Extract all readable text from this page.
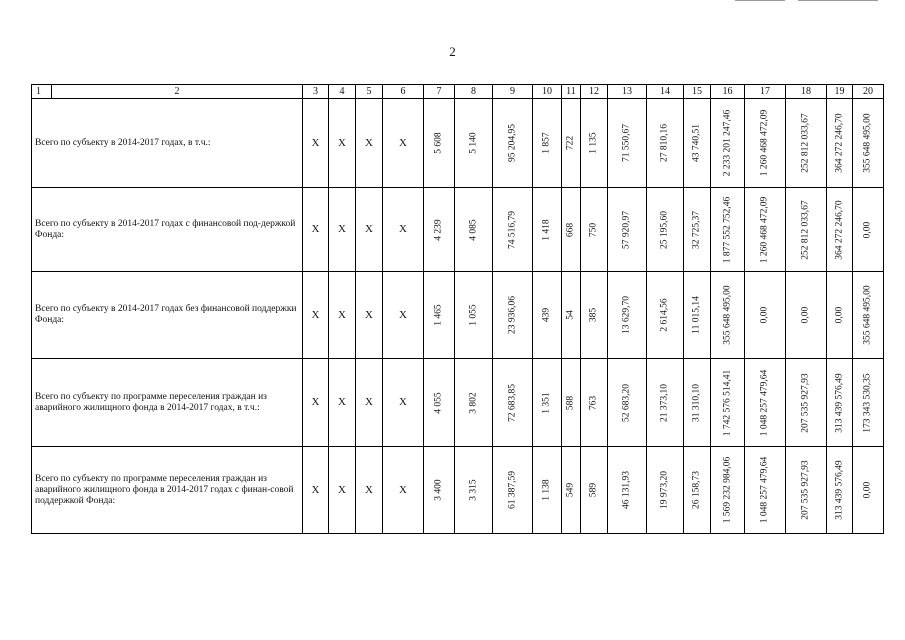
2
1	2	3	4	5	6	7	8	9	10	11	12	13	14	15	16	17	18	19	20
Всего по субъекту в 2014-2017 годах, в т.ч.:		Х	Х	Х	Х	5 608	5 140	95 204,95	1 857	722	1 135	71 550,67	27 810,16	43 740,51	2 233 201 247,46	1 260 468 472,09	252 812 033,67	364 272 246,70	355 648 495,00

Всего по субъекту в 2014-2017 годах с финансовой под-держкой Фонда:		Х	Х	Х	Х	4 239	4 085	74 516,79	1 418	668	750	57 920,97	25 195,60	32 725,37	1 877 552 752,46	1 260 468 472,09	252 812 033,67	364 272 246,70	0,00

Всего по субъекту в 2014-2017 годах без финансовой поддержки Фонда:		Х	Х	Х	Х	1 465	1 055	23 936,06	439	54	385	13 629,70	2 614,56	11 015,14	355 648 495,00	0,00	0,00	0,00	355 648 495,00

Всего по субъекту по программе переселения граждан из аварийного жилищного фонда в 2014-2017 годах, в т.ч.:		Х	Х	Х	Х	4 055	3 802	72 683,85	1 351	588	763	52 683,20	21 373,10	31 310,10	1 742 576 514,41	1 048 257 479,64	207 535 927,93	313 439 576,49	173 343 530,35

Всего по субъекту по программе переселения граждан из аварийного жилищного фонда в 2014-2017 годах с финан-совой поддержкой Фонда:		Х	Х	Х	Х	3 400	3 315	61 387,59	1 138	549	589	46 131,93	19 973,20	26 158,73	1 569 232 984,06	1 048 257 479,64	207 535 927,93	313 439 576,49	0,00
